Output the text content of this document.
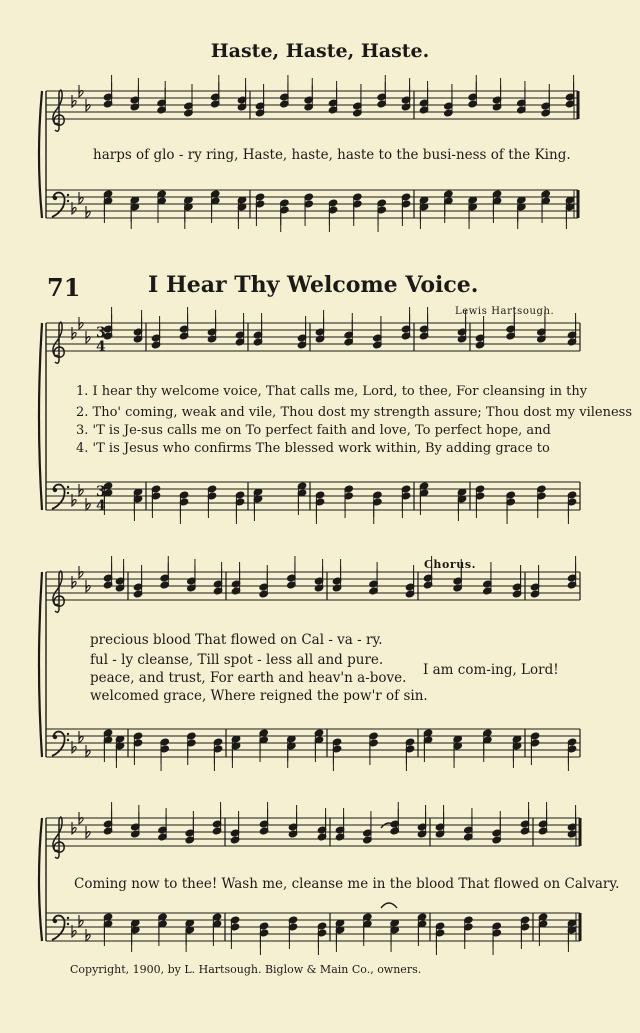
Haste, Haste, Haste.
harps of glo - ry ring, Haste, haste, haste to the busi-ness of the King.
71	I Hear Thy Welcome Voice.
Lewis Hartsough.
1. I hear thy welcome voice, That calls me, Lord, to thee, For cleansing in thy
2. Tho' coming, weak and vile, Thou dost my strength assure; Thou dost my vileness
3. 'T is Je-sus calls me on To perfect faith and love, To perfect hope, and
4. 'T is Jesus who confirms The blessed work within, By adding grace to
Chorus.
precious blood That flowed on Cal - va - ry.
ful - ly cleanse, Till spot - less all and pure.
peace, and trust, For earth and heav'n a-bove.
welcomed grace, Where reigned the pow'r of sin.
I am com-ing, Lord!
Coming now to thee! Wash me, cleanse me in the blood That flowed on Calvary.
Copyright, 1900, by L. Hartsough. Biglow & Main Co., owners.
3
4
3
4
